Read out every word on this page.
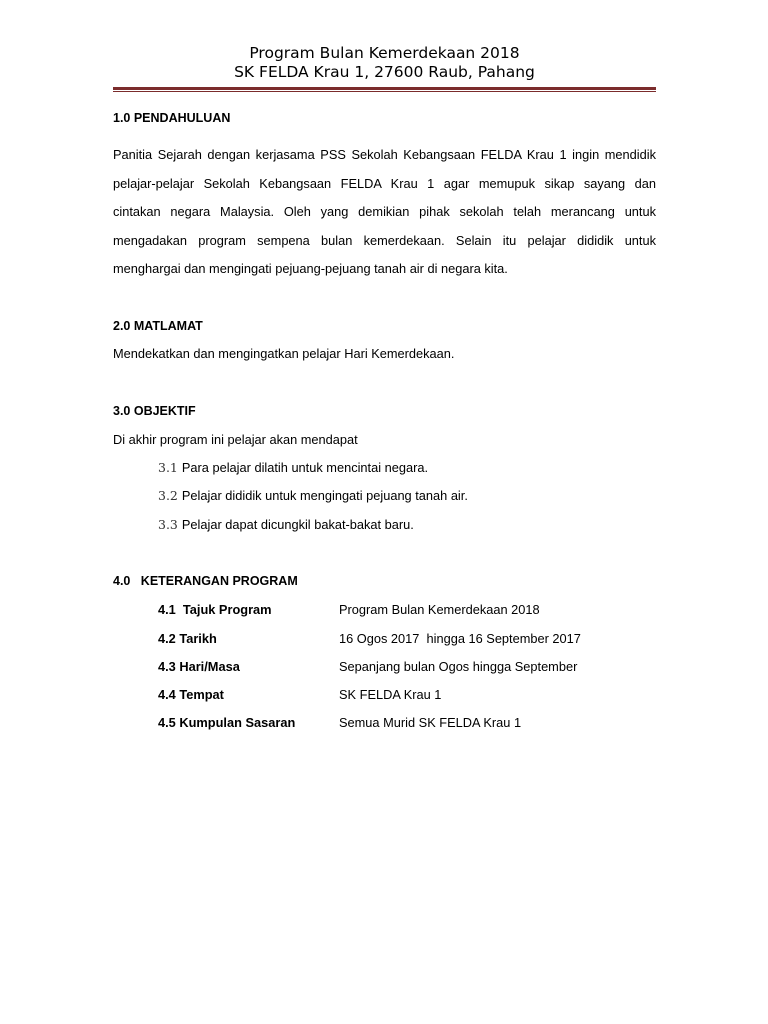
Program Bulan Kemerdekaan 2018
SK FELDA Krau 1, 27600 Raub, Pahang
1.0 PENDAHULUAN
Panitia Sejarah dengan kerjasama PSS Sekolah Kebangsaan FELDA Krau 1 ingin mendidik
pelajar-pelajar Sekolah Kebangsaan FELDA Krau 1 agar memupuk sikap sayang dan
cintakan negara Malaysia. Oleh yang demikian pihak sekolah telah merancang untuk
mengadakan program sempena bulan kemerdekaan. Selain itu pelajar dididik untuk
menghargai dan mengingati pejuang-pejuang tanah air di negara kita.
2.0 MATLAMAT
Mendekatkan dan mengingatkan pelajar Hari Kemerdekaan.
3.0 OBJEKTIF
Di akhir program ini pelajar akan mendapat
3.1 Para pelajar dilatih untuk mencintai negara.
3.2 Pelajar dididik untuk mengingati pejuang tanah air.
3.3 Pelajar dapat dicungkil bakat-bakat baru.
4.0   KETERANGAN PROGRAM
4.1  Tajuk Program	Program Bulan Kemerdekaan 2018
4.2 Tarikh	16 Ogos 2017  hingga 16 September 2017
4.3 Hari/Masa	Sepanjang bulan Ogos hingga September
4.4 Tempat	SK FELDA Krau 1
4.5 Kumpulan Sasaran	Semua Murid SK FELDA Krau 1
